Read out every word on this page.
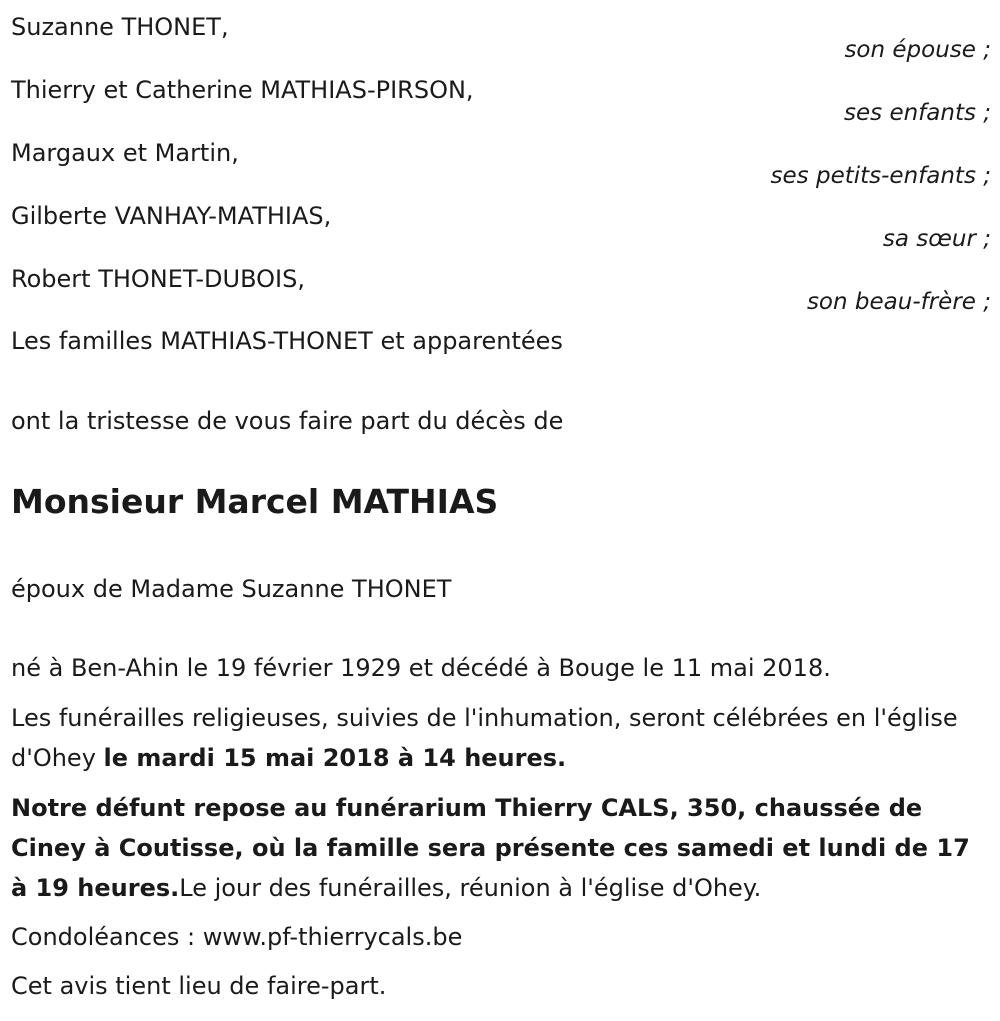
Suzanne THONET,
son épouse ;
Thierry et Catherine MATHIAS-PIRSON,
ses enfants ;
Margaux et Martin,
ses petits-enfants ;
Gilberte VANHAY-MATHIAS,
sa sœur ;
Robert THONET-DUBOIS,
son beau-frère ;
Les familles MATHIAS-THONET et apparentées
ont la tristesse de vous faire part du décès de
Monsieur Marcel MATHIAS
époux de Madame Suzanne THONET
né à Ben-Ahin le 19 février 1929 et décédé à Bouge le 11 mai 2018.
Les funérailles religieuses, suivies de l'inhumation, seront célébrées en l'église d'Ohey le mardi 15 mai 2018 à 14 heures.
Notre défunt repose au funérarium Thierry CALS, 350, chaussée de Ciney à Coutisse, où la famille sera présente ces samedi et lundi de 17 à 19 heures.Le jour des funérailles, réunion à l'église d'Ohey.
Condoléances : www.pf-thierrycals.be
Cet avis tient lieu de faire-part.
